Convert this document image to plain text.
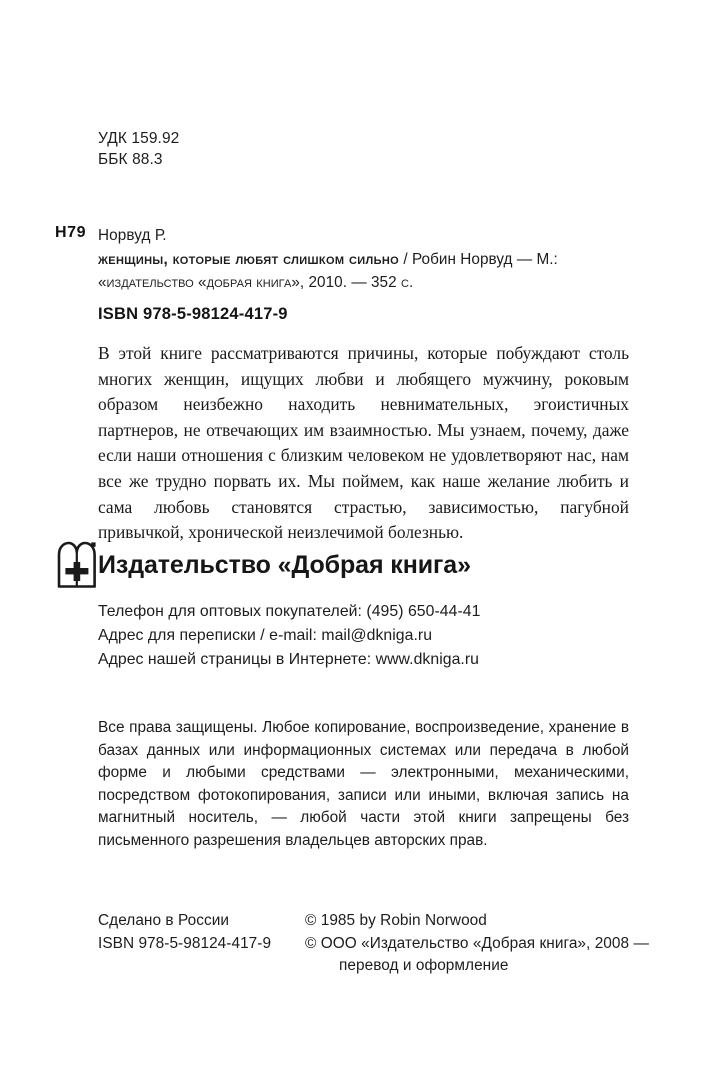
УДК 159.92
ББК 88.3
Н79 Норвуд Р.
женщины, которые любят слишком сильно / Робин Норвуд — М.:
«издательство «добрая книга», 2010. — 352 с.
ISBN 978-5-98124-417-9
В этой книге рассматриваются причины, которые побуждают столь многих женщин, ищущих любви и любящего мужчину, роковым образом неизбежно находить невнимательных, эгоистичных партнеров, не отвечающих им взаимностью. Мы узнаем, почему, даже если наши отношения с близким человеком не удовлетворяют нас, нам все же трудно порвать их. Мы поймем, как наше желание любить и сама любовь становятся страстью, зависимостью, пагубной привычкой, хронической неизлечимой болезнью.
Издательство «Добрая книга»
Телефон для оптовых покупателей: (495) 650-44-41
Адрес для переписки / e-mail: mail@dkniga.ru
Адрес нашей страницы в Интернете: www.dkniga.ru
Все права защищены. Любое копирование, воспроизведение, хранение в базах данных или информационных системах или передача в любой форме и любыми средствами — электронными, механическими, посредством фотокопирования, записи или иными, включая запись на магнитный носитель, — любой части этой книги запрещены без письменного разрешения владельцев авторских прав.
Сделано в России
ISBN 978-5-98124-417-9
© 1985 by Robin Norwood
© ООО «Издательство «Добрая книга», 2008 —
перевод и оформление
